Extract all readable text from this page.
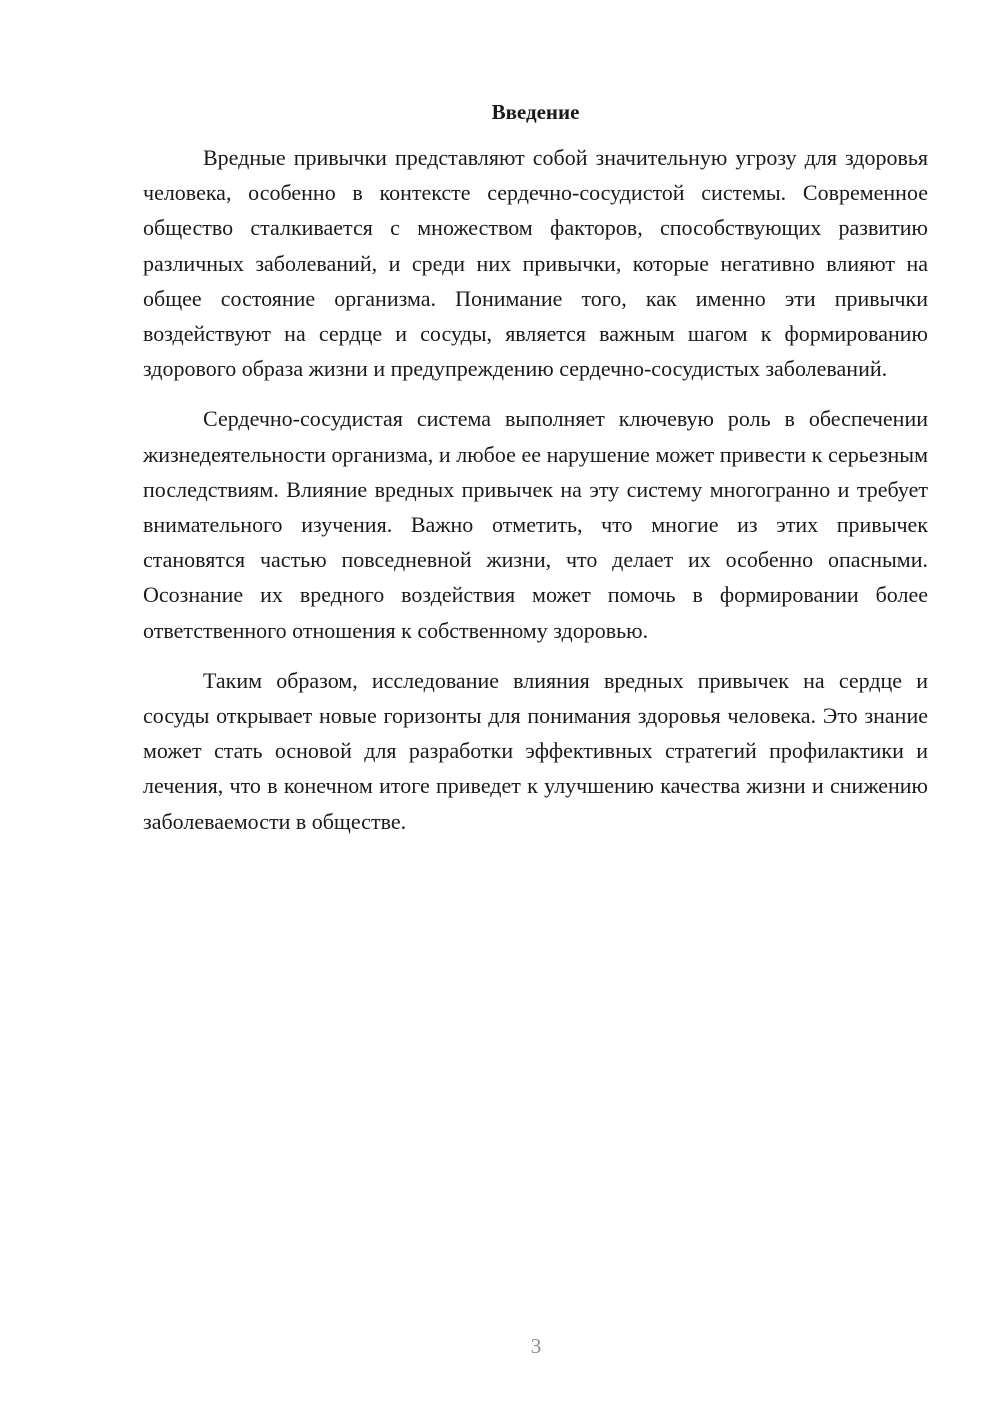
Введение

Вредные привычки представляют собой значительную угрозу для здоровья человека, особенно в контексте сердечно-сосудистой системы. Современное общество сталкивается с множеством факторов, способствующих развитию различных заболеваний, и среди них привычки, которые негативно влияют на общее состояние организма. Понимание того, как именно эти привычки воздействуют на сердце и сосуды, является важным шагом к формированию здорового образа жизни и предупреждению сердечно-сосудистых заболеваний.

Сердечно-сосудистая система выполняет ключевую роль в обеспечении жизнедеятельности организма, и любое ее нарушение может привести к серьезным последствиям. Влияние вредных привычек на эту систему многогранно и требует внимательного изучения. Важно отметить, что многие из этих привычек становятся частью повседневной жизни, что делает их особенно опасными. Осознание их вредного воздействия может помочь в формировании более ответственного отношения к собственному здоровью.

Таким образом, исследование влияния вредных привычек на сердце и сосуды открывает новые горизонты для понимания здоровья человека. Это знание может стать основой для разработки эффективных стратегий профилактики и лечения, что в конечном итоге приведет к улучшению качества жизни и снижению заболеваемости в обществе.

3
